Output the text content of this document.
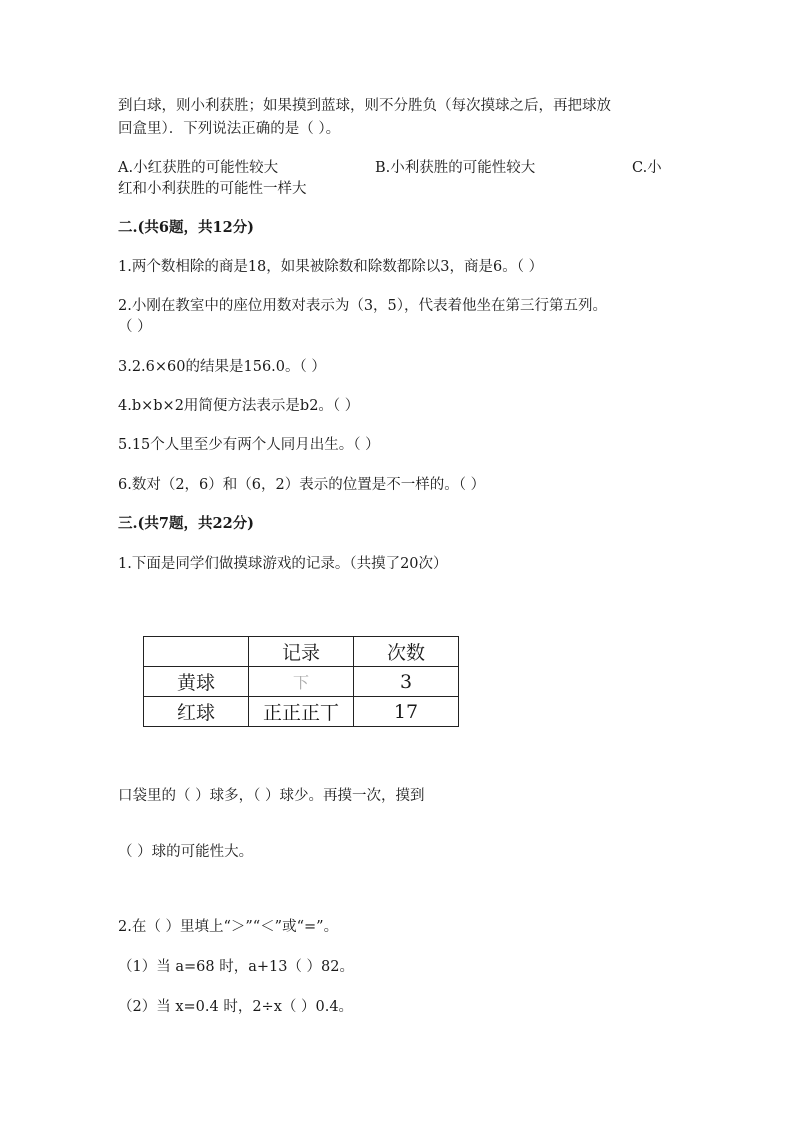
到白球，则小利获胜；如果摸到蓝球，则不分胜负（每次摸球之后，再把球放
回盒里）．下列说法正确的是（ ）。
A.小红获胜的可能性较大	B.小利获胜的可能性较大	C.小
红和小利获胜的可能性一样大
二.(共6题，共12分)
1.两个数相除的商是18，如果被除数和除数都除以3，商是6。（ ）
2.小刚在教室中的座位用数对表示为（3，5），代表着他坐在第三行第五列。
（ ）
3.2.6×60的结果是156.0。（ ）
4.b×b×2用简便方法表示是b2。（ ）
5.15个人里至少有两个人同月出生。（ ）
6.数对（2，6）和（6，2）表示的位置是不一样的。（ ）
三.(共7题，共22分)
1.下面是同学们做摸球游戏的记录。（共摸了20次）
	记录	次数
黄球	下	3
红球	正正正丅	17
口袋里的（ ）球多，（ ）球少。再摸一次，摸到
（ ）球的可能性大。
2.在（ ）里填上“＞”“＜”或“=”。
（1）当 a=68 时，a+13（ ）82。
（2）当 x=0.4 时，2÷x（ ）0.4。
